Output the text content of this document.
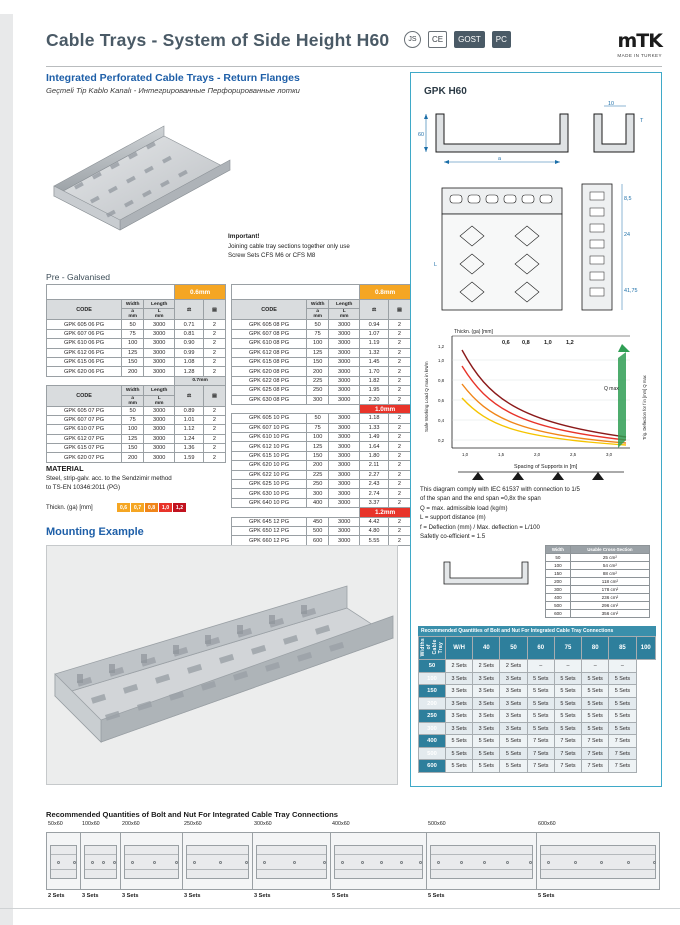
Cable Trays - System of Side Height H60	JS	CE	GOST	PC	mTK
MADE IN TURKEY
Integrated Perforated Cable Trays - Return Flanges
Geçmeli Tip Kablo Kanalı - Интегрированные Перфорированные лотки
Important!
Joining cable tray sections together only use
Screw Sets CFS M6 or CFS M8
Pre - Galvanised
GPK ... H60			0.6mm	
CODE	Width	Length	⚖	▤
	a
mm	L
mm		
GPK 605 06 PG	50	3000	0.71	2
GPK 607 06 PG	75	3000	0.81	2
GPK 610 06 PG	100	3000	0.90	2
GPK 612 06 PG	125	3000	0.99	2
GPK 615 06 PG	150	3000	1.08	2
GPK 620 06 PG	200	3000	1.28	2
			0.7mm	
CODE	Width	Length	⚖	▤
	a
mm	L
mm		
GPK 605 07 PG	50	3000	0.89	2
GPK 607 07 PG	75	3000	1.01	2
GPK 610 07 PG	100	3000	1.12	2
GPK 612 07 PG	125	3000	1.24	2
GPK 615 07 PG	150	3000	1.36	2
GPK 620 07 PG	200	3000	1.59	2
GPK ... H60			0.8mm	
CODE	Width	Length	⚖	▤
	a
mm	L
mm		
GPK 605 08 PG	50	3000	0.94	2
GPK 607 08 PG	75	3000	1.07	2
GPK 610 08 PG	100	3000	1.19	2
GPK 612 08 PG	125	3000	1.32	2
GPK 615 08 PG	150	3000	1.45	2
GPK 620 08 PG	200	3000	1.70	2
GPK 622 08 PG	225	3000	1.82	2
GPK 625 08 PG	250	3000	1.95	2
GPK 630 08 PG	300	3000	2.20	2
			1.0mm	
GPK 605 10 PG	50	3000	1.18	2
GPK 607 10 PG	75	3000	1.33	2
GPK 610 10 PG	100	3000	1.49	2
GPK 612 10 PG	125	3000	1.64	2
GPK 615 10 PG	150	3000	1.80	2
GPK 620 10 PG	200	3000	2.11	2
GPK 622 10 PG	225	3000	2.27	2
GPK 625 10 PG	250	3000	2.43	2
GPK 630 10 PG	300	3000	2.74	2
GPK 640 10 PG	400	3000	3.37	2
			1.2mm	
GPK 645 12 PG	450	3000	4.42	2
GPK 650 12 PG	500	3000	4.80	2
GPK 660 12 PG	600	3000	5.55	2
MATERIAL
Steel, strip-galv. acc. to the Sendzimir method
to TS-EN 10346:2011 (PG)
Thickn. (ga) [mm]	0,6	0,7	0,8	1,0	1,2
Mounting Example
GPK H60
60
a
10
T
L
8,5
24
41,75
Thickn. (ga) [mm]
0,6 0,8	1,0	1,2
0,2
0,4
0,6
0,8
1,0
1,2
1,0	1,5	2,0	2,5	3,0
Spacing of Supports in [m]
Safe Working Load Q max in kN/m	Trig. Deflection for f in [mm] Q max
Q max
This diagram comply with IEC 61537 with connection to 1/5
of the span and the end span =0,8x the span
Q = max. admissible load (kg/m)
L = support distance (m)
f = Deflection (mm) / Max. deflection = L/100
Safetly co-efficient = 1.5
Width	Usable Cross-Section
50	25 cm²
100	54 cm²
150	88 cm²
200	118 cm²
300	178 cm²
400	236 cm²
500	296 cm²
600	356 cm²
Recommended Quantities of Bolt and Nut For Integrated Cable Tray Connections
Widths of Cable Tray	W/H	40	50	60	75	80	85	100
50	2 Sets	2 Sets	2 Sets	–	–	–	–	
100	3 Sets	3 Sets	3 Sets	5 Sets	5 Sets	5 Sets	5 Sets	
150	3 Sets	3 Sets	3 Sets	5 Sets	5 Sets	5 Sets	5 Sets	
200	3 Sets	3 Sets	3 Sets	5 Sets	5 Sets	5 Sets	5 Sets	
250	3 Sets	3 Sets	3 Sets	5 Sets	5 Sets	5 Sets	5 Sets	
300	3 Sets	3 Sets	3 Sets	5 Sets	5 Sets	5 Sets	5 Sets	
400	5 Sets	5 Sets	5 Sets	7 Sets	7 Sets	7 Sets	7 Sets	
500	5 Sets	5 Sets	5 Sets	7 Sets	7 Sets	7 Sets	7 Sets	
600	5 Sets	5 Sets	5 Sets	7 Sets	7 Sets	7 Sets	7 Sets	
Recommended Quantities of Bolt and Nut For Integrated Cable Tray Connections
50x60
2 Sets
100x60
3 Sets
200x60
3 Sets
250x60
3 Sets
300x60
3 Sets
400x60
5 Sets
500x60
5 Sets
600x60
5 Sets
